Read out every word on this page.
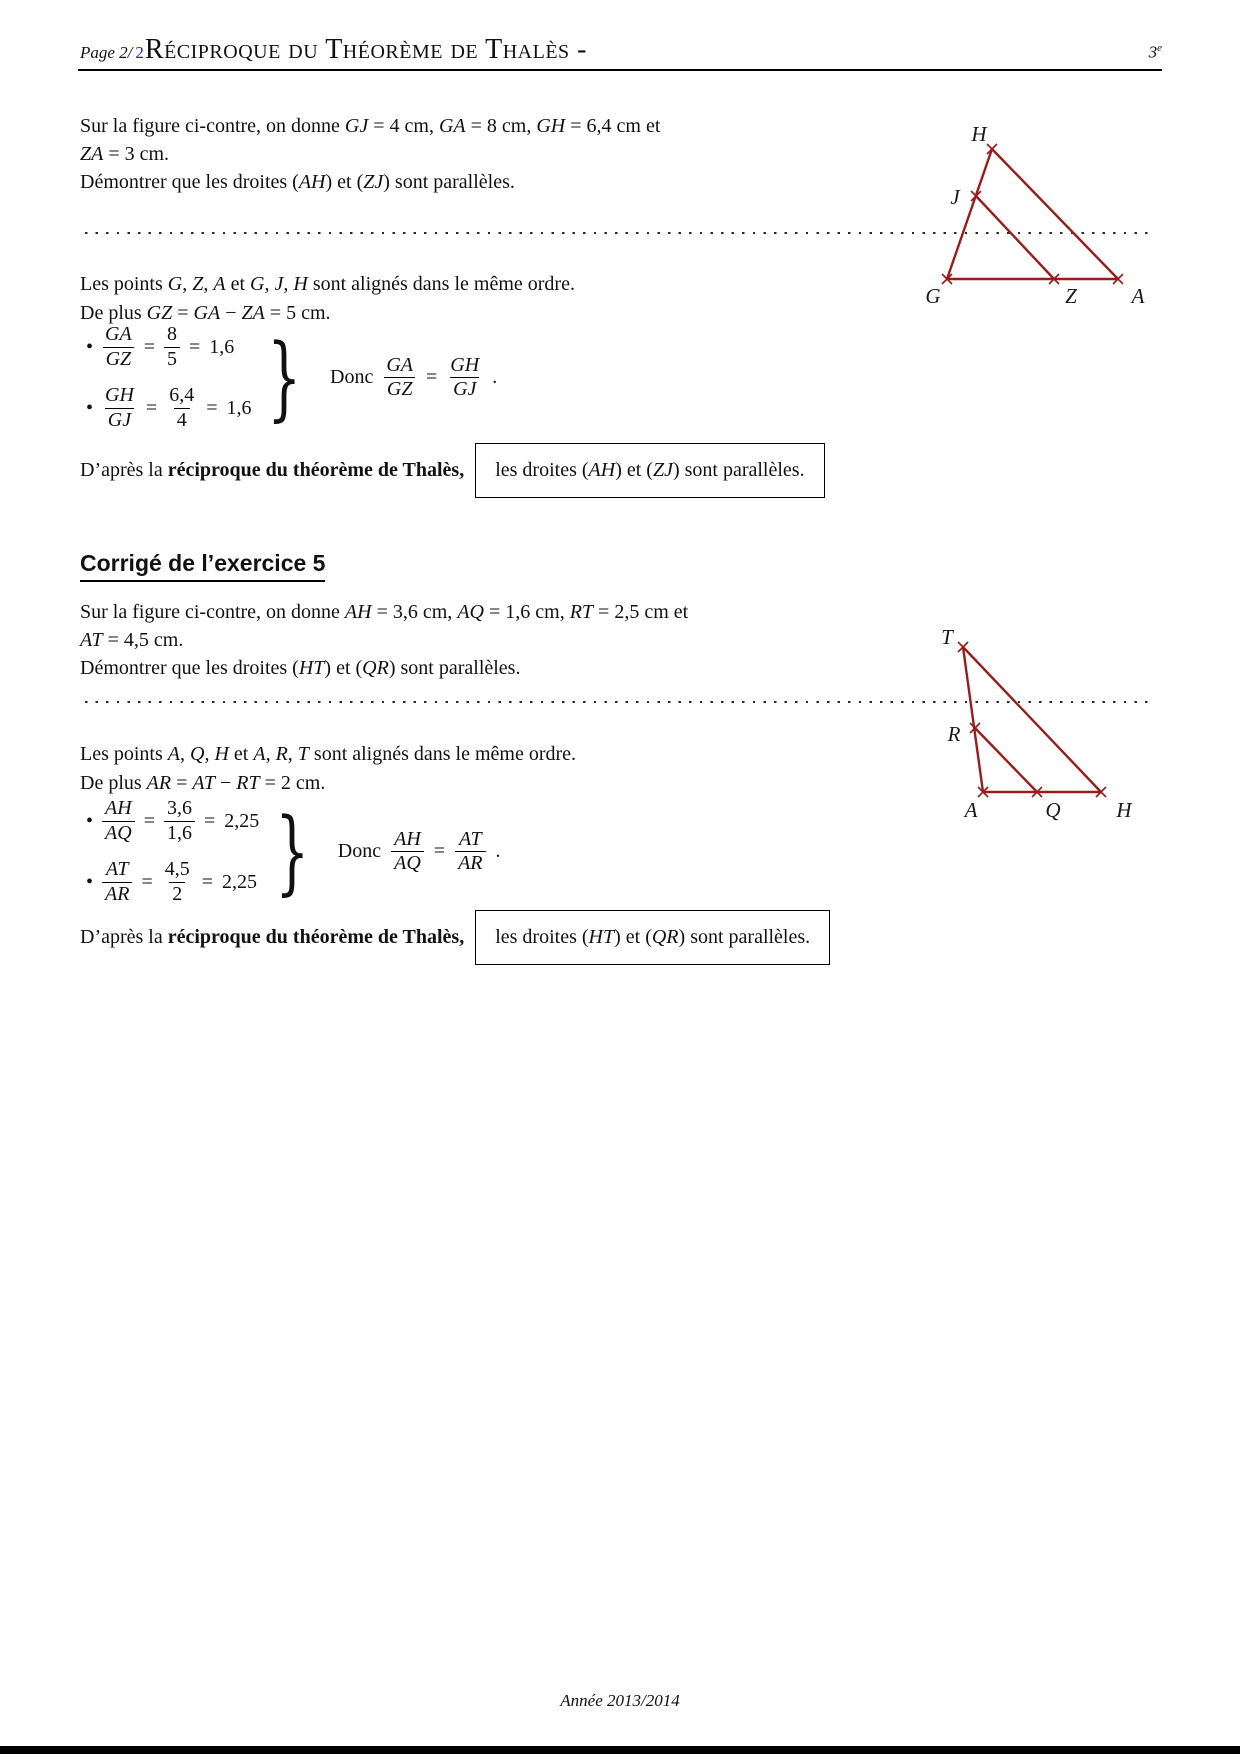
Page 2/ 2 Réciproque du Théorème de Thalès -	3e
Sur la figure ci-contre, on donne GJ = 4 cm, GA = 8 cm, GH = 6,4 cm et
ZA = 3 cm.
Démontrer que les droites (AH) et (ZJ) sont parallèles.
H
J
G	Z	A
Les points G, Z, A et G, J, H sont alignés dans le même ordre.
De plus GZ = GA − ZA = 5 cm.
• $\frac{GA}{GZ} = \frac{8}{5} = 1,6$
• $\frac{GH}{GJ} = \frac{6,4}{4} = 1,6$ } Donc $\frac{GA}{GZ} = \frac{GH}{GJ}$ .
D’après la réciproque du théorème de Thalès,	les droites (AH) et (ZJ) sont parallèles.
Corrigé de l’exercice 5
Sur la figure ci-contre, on donne AH = 3,6 cm, AQ = 1,6 cm, RT = 2,5 cm et
AT = 4,5 cm.
Démontrer que les droites (HT) et (QR) sont parallèles.
T
R
A	Q	H
Les points A, Q, H et A, R, T sont alignés dans le même ordre.
De plus AR = AT − RT = 2 cm.
• $\frac{AH}{AQ} = \frac{3,6}{1,6} = 2,25$
• $\frac{AT}{AR} = \frac{4,5}{2} = 2,25$ } Donc $\frac{AH}{AQ} = \frac{AT}{AR}$ .
D’après la réciproque du théorème de Thalès,	les droites (HT) et (QR) sont parallèles.
Année 2013/2014
